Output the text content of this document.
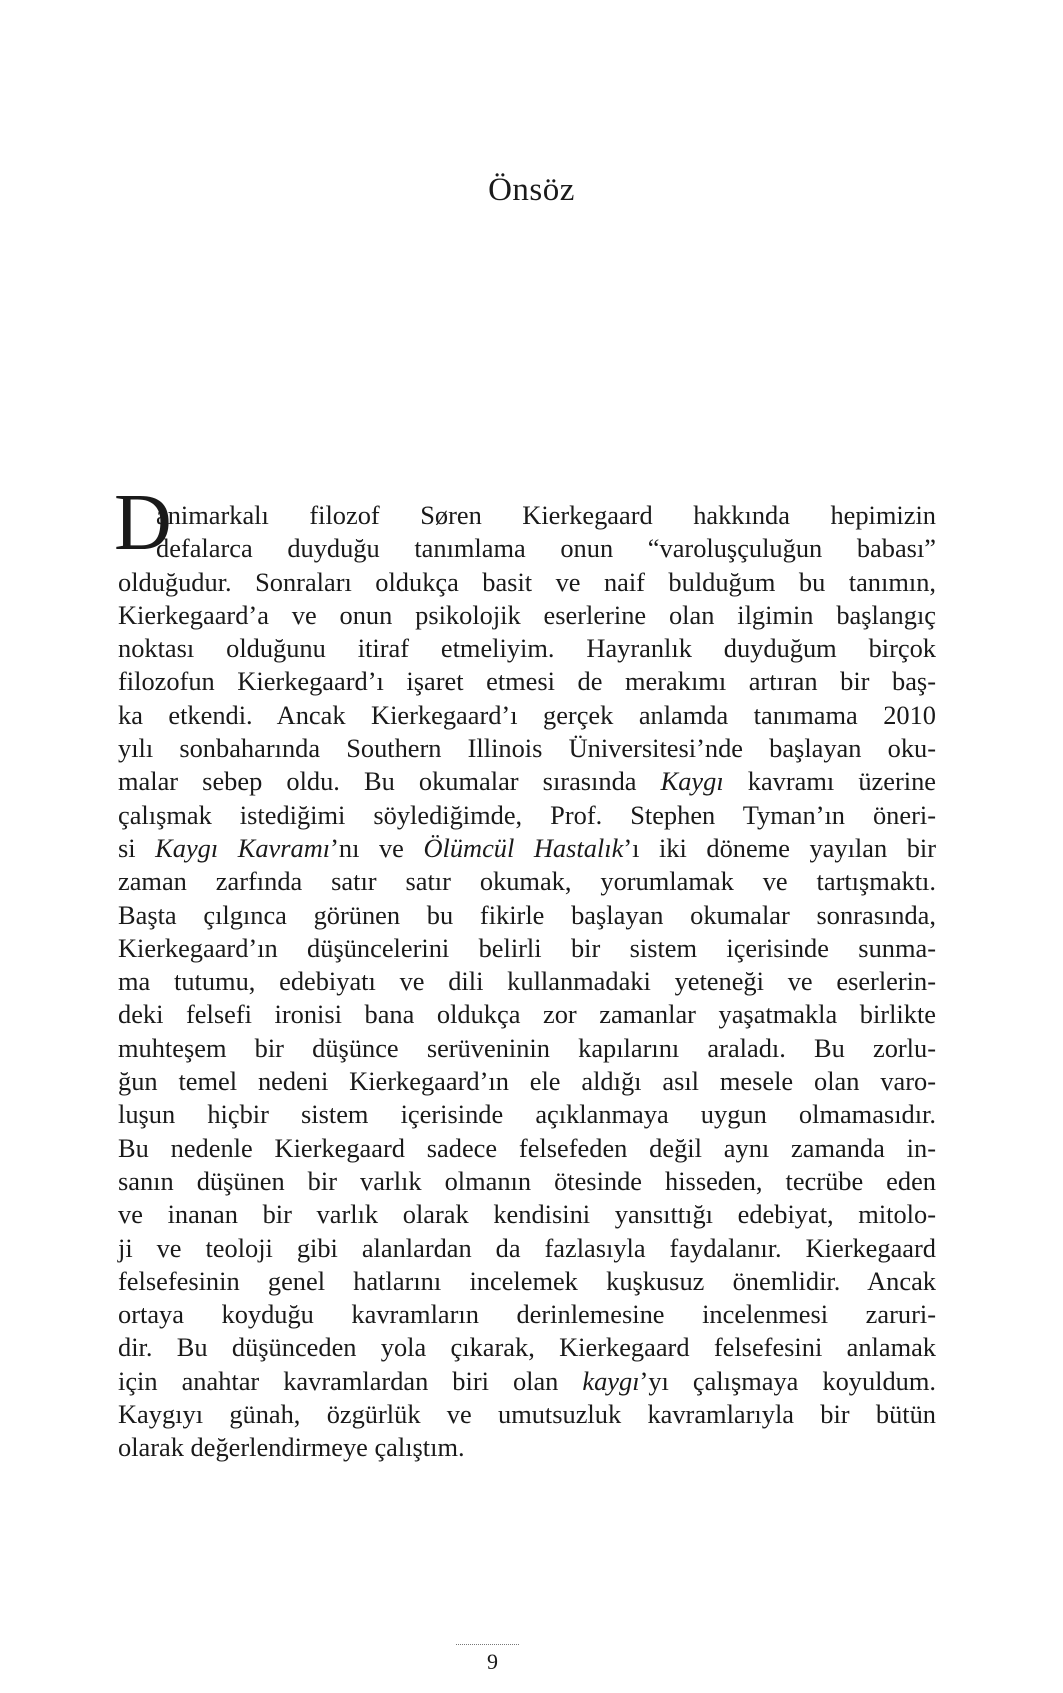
Önsöz
D
animarkalı filozof Søren Kierkegaard hakkında hepimizin
defalarca duyduğu tanımlama onun “varoluşçuluğun babası”
olduğudur. Sonraları oldukça basit ve naif bulduğum bu tanımın,
Kierkegaard’a ve onun psikolojik eserlerine olan ilgimin başlangıç
noktası olduğunu itiraf etmeliyim. Hayranlık duyduğum birçok
filozofun Kierkegaard’ı işaret etmesi de merakımı artıran bir baş-
ka etkendi. Ancak Kierkegaard’ı gerçek anlamda tanımama 2010
yılı sonbaharında Southern Illinois Üniversitesi’nde başlayan oku-
malar sebep oldu. Bu okumalar sırasında Kaygı kavramı üzerine
çalışmak istediğimi söylediğimde, Prof. Stephen Tyman’ın öneri-
si Kaygı Kavramı’nı ve Ölümcül Hastalık’ı iki döneme yayılan bir
zaman zarfında satır satır okumak, yorumlamak ve tartışmaktı.
Başta çılgınca görünen bu fikirle başlayan okumalar sonrasında,
Kierkegaard’ın düşüncelerini belirli bir sistem içerisinde sunma-
ma tutumu, edebiyatı ve dili kullanmadaki yeteneği ve eserlerin-
deki felsefi ironisi bana oldukça zor zamanlar yaşatmakla birlikte
muhteşem bir düşünce serüveninin kapılarını araladı. Bu zorlu-
ğun temel nedeni Kierkegaard’ın ele aldığı asıl mesele olan varo-
luşun hiçbir sistem içerisinde açıklanmaya uygun olmamasıdır.
Bu nedenle Kierkegaard sadece felsefeden değil aynı zamanda in-
sanın düşünen bir varlık olmanın ötesinde hisseden, tecrübe eden
ve inanan bir varlık olarak kendisini yansıttığı edebiyat, mitolo-
ji ve teoloji gibi alanlardan da fazlasıyla faydalanır. Kierkegaard
felsefesinin genel hatlarını incelemek kuşkusuz önemlidir. Ancak
ortaya koyduğu kavramların derinlemesine incelenmesi zaruri-
dir. Bu düşünceden yola çıkarak, Kierkegaard felsefesini anlamak
için anahtar kavramlardan biri olan kaygı’yı çalışmaya koyuldum.
Kaygıyı günah, özgürlük ve umutsuzluk kavramlarıyla bir bütün
olarak değerlendirmeye çalıştım.
9
